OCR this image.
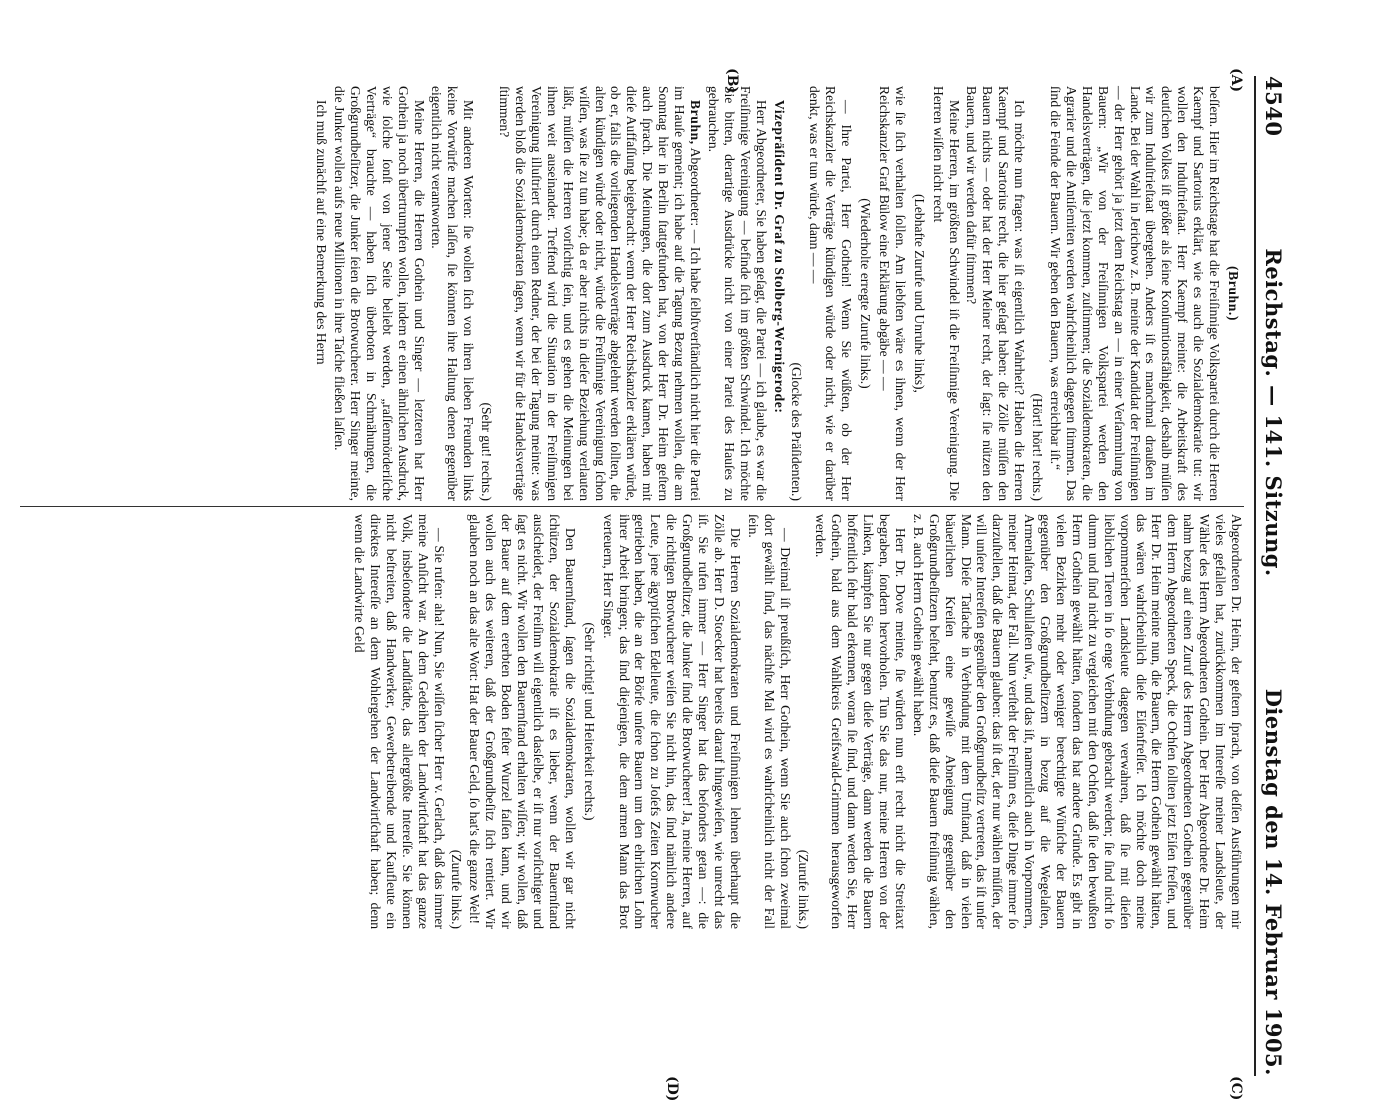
4540
Reichstag. — 141. Sitzung.
Dienstag den 14. Februar 1905.
(A)
(B)
(C)
(D)

(Bruhn.)

beſſern. Hier im Reichstage hat die Freiſinnige Volkspartei durch die Herren Kaempf und Sartorius erklärt, wie es auch die Sozialdemokratie tut: wir wollen den Induſtrieſtaat. Herr Kaempf meinte: die Arbeitskraft des deutſchen Volkes iſt größer als ſeine Konſumtionsfähigkeit, deshalb müſſen wir zum Induſtrieſtaat übergehen. Anders iſt es manchmal draußen im Lande. Bei der Wahl in Jerichow z. B. meinte der Kandidat der Freiſinnigen — der Herr gehört ja jetzt dem Reichstag an — in einer Verſammlung von Bauern: „Wir von der Freiſinnigen Volkspartei werden den Handelsverträgen, die jetzt kommen, zuſtimmen; die Sozialdemokraten, die Agrarier und die Antiſemiten werden wahrſcheinlich dagegen ſtimmen. Das ſind die Feinde der Bauern. Wir geben den Bauern, was erreichbar iſt.“

(Hört! hört! rechts.)

Ich möchte nun fragen: was iſt eigentlich Wahrheit? Haben die Herren Kaempf und Sartorius recht, die hier geſagt haben: die Zölle müſſen den Bauern nichts — oder hat der Herr Meiner recht, der ſagt: ſie nützen den Bauern, und wir werden dafür ſtimmen?

Meine Herren, im größten Schwindel iſt die Freiſinnige Vereinigung. Die Herren wiſſen nicht recht

(Lebhafte Zurufe und Unruhe links),

wie ſie ſich verhalten ſollen. Am liebſten wäre es ihnen, wenn der Herr Reichskanzler Graf Bülow eine Erklärung abgäbe — —

(Wiederholte erregte Zurufe links.)

— Ihre Partei, Herr Gothein! Wenn Sie wüßten, ob der Herr Reichskanzler die Verträge kündigen würde oder nicht, wie er darüber denkt, was er tun würde, dann — —

(Glocke des Präſidenten.)

Vizepräſident Dr. Graf zu Stolberg-Wernigerode:

Herr Abgeordneter, Sie haben geſagt, die Partei — ich glaube, es war die Freiſinnige Vereinigung — befinde ſich im größten Schwindel. Ich möchte Sie bitten, derartige Ausdrücke nicht von einer Partei des Hauſes zu gebrauchen.

Bruhn, Abgeordneter: — Ich habe ſelbſtverſtändlich nicht hier die Partei im Hauſe gemeint; ich habe auf die Tagung Bezug nehmen wollen, die am Sonntag hier in Berlin ſtattgefunden hat, von der Herr Dr. Heim geſtern auch ſprach. Die Meinungen, die dort zum Ausdruck kamen, haben mit dieſe Auffaſſung beigebracht: wenn der Herr Reichskanzler erklären würde, ob er, falls die vorliegenden Handelsverträge abgelehnt werden ſollten, die alten kündigen würde oder nicht, würde die Freiſinnige Vereinigung ſchon wiſſen, was ſie zu tun habe; da er aber nichts in dieſer Beziehung verlauten läßt, müſſen die Herren vorſichtig ſein, und es gehen die Meinungen bei ihnen weit auseinander. Treffend wird die Situation in der Freiſinnigen Vereinigung illuſtriert durch einen Redner, der bei der Tagung meinte: was werden bloß die Sozialdemokraten ſagen, wenn wir für die Handelsverträge ſtimmen?

(Sehr gut! rechts.)

Mit anderen Worten: ſie wollen ſich von ihren lieben Freunden links keine Vorwürfe machen laſſen, ſie könnten ihre Haltung denen gegenüber eigentlich nicht verantworten.

Meine Herren, die Herren Gothein und Singer — letzteren hat Herr Gothein ja noch übertrumpfen wollen, indem er einen ähnlichen Ausdruck, wie ſolche ſonſt von jener Seite beliebt werden, „raſſenmörderiſche Verträge“ brauchte — haben ſich überboten in Schmähungen, die Großgrundbeſitzer, die Junker ſeien die Brotwucherer. Herr Singer meinte, die Junker wollen aufs neue Millionen in ihre Taſche fließen laſſen.

Ich muß zunächſt auf eine Bemerkung des Herrn

Abgeordneten Dr. Heim, der geſtern ſprach, von deſſen Ausführungen mir vieles gefallen hat, zurückkommen im Intereſſe meiner Landsleute, der Wähler des Herrn Abgeordneten Gothein. Der Herr Abgeordnete Dr. Heim nahm bezug auf einen Zuruf des Herrn Abgeordneten Gothein gegenüber dem Herrn Abgeordneten Speck, die Ochſen ſollten jetzt Eiſen freſſen, und Herr Dr. Heim meinte nun, die Bauern, die Herrn Gothein gewählt hätten, das wären wahrſcheinlich dieſe Eiſenfreſſer. Ich möchte doch meine vorpommerſchen Landsleute dagegen verwahren, daß ſie mit dieſen lieblichen Tieren in ſo enge Verbindung gebracht werden; ſie ſind nicht ſo dumm und ſind nicht zu vergleichen mit den Ochſen, daß ſie den bewußten Herrn Gothein gewählt hätten, ſondern das hat andere Gründe. Es gibt in vielen Bezirken mehr oder weniger berechtigte Wünſche der Bauern gegenüber den Großgrundbeſitzern in bezug auf die Wegelaſten, Armenlaſten, Schullaſten uſw., und das iſt, namentlich auch in Vorpommern, meiner Heimat, der Fall. Nun verſteht der Freiſinn es, dieſe Dinge immer ſo darzuſtellen, daß die Bauern glauben: das iſt der, der nur wählen müſſen, der will unſere Intereſſen gegenüber den Großgrundbeſitz vertreten, das iſt unſer Mann. Dieſe Tatſache in Verbindung mit dem Umſtand, daß in vielen bäuerlichen Kreiſen eine gewiſſe Abneigung gegenüber den Großgrundbeſitzern beſteht, benutzt es, daß dieſe Bauern freiſinnig wählen, z. B. auch Herrn Gothein gewählt haben.

Herr Dr. Dove meinte, ſie würden nun erſt recht nicht die Streitaxt begraben, ſondern hervorholen. Tun Sie das nur, meine Herren von der Linken, kämpfen Sie nur gegen dieſe Verträge, dann werden die Bauern hoffentlich ſehr bald erkennen, woran ſie ſind, und dann werden Sie, Herr Gothein, bald aus dem Wahlkreis Greifswald-Grimmen herausgeworfen werden.

(Zurufe links.)

— Dreimal iſt preußiſch, Herr Gothein, wenn Sie auch ſchon zweimal dort gewählt ſind, das nächſte Mal wird es wahrſcheinlich nicht der Fall ſein.

Die Herren Sozialdemokraten und Freiſinnigen lehnen überhaupt die Zölle ab. Herr D. Stoecker hat bereits darauf hingewieſen, wie unrecht das iſt. Sie rufen immer — Herr Singer hat das beſonders getan —: die Großgrundbeſitzer, die Junker ſind die Brotwucherer! Ja, meine Herren, auf die richtigen Brotwucherer weiſen Sie nicht hin, das ſind nämlich andere Leute, jene ägyptiſchen Edelleute, die ſchon zu Joſefs Zeiten Kornwucher getrieben haben, die an der Börſe unſere Bauern um den ehrlichen Lohn ihrer Arbeit bringen; das ſind diejenigen, die dem armen Mann das Brot verteuern, Herr Singer.

(Sehr richtig! und Heiterkeit rechts.)

Den Bauernſtand, ſagen die Sozialdemokraten, wollen wir gar nicht ſchützen, der Sozialdemokratie iſt es lieber, wenn der Bauernſtand ausſcheidet, der Freiſinn will eigentlich dasſelbe, er iſt nur vorſichtiger und ſagt es nicht. Wir wollen den Bauernſtand erhalten wiſſen; wir wollen, daß der Bauer auf dem ererbten Boden feſter Wurzel faſſen kann, und wir wollen auch des weiteren, daß der Großgrundbeſitz ſich rentiert. Wir glauben noch an das alte Wort: Hat der Bauer Geld, ſo hat's die ganze Welt!

(Zurufe links.)

— Sie rufen: aha! Nun, Sie wiſſen ſicher Herr v. Gerlach, daß das immer meine Anſicht war. An dem Gedeihen der Landwirtſchaft hat das ganze Volk, insbeſondere die Landſtädte, das allergrößte Intereſſe. Sie können nicht beſtreiten, daß Handwerker, Gewerbetreibende und Kaufleute ein direktes Intereſſe an dem Wohlergehen der Landwirtſchaft haben; denn wenn die Landwirte Geld
